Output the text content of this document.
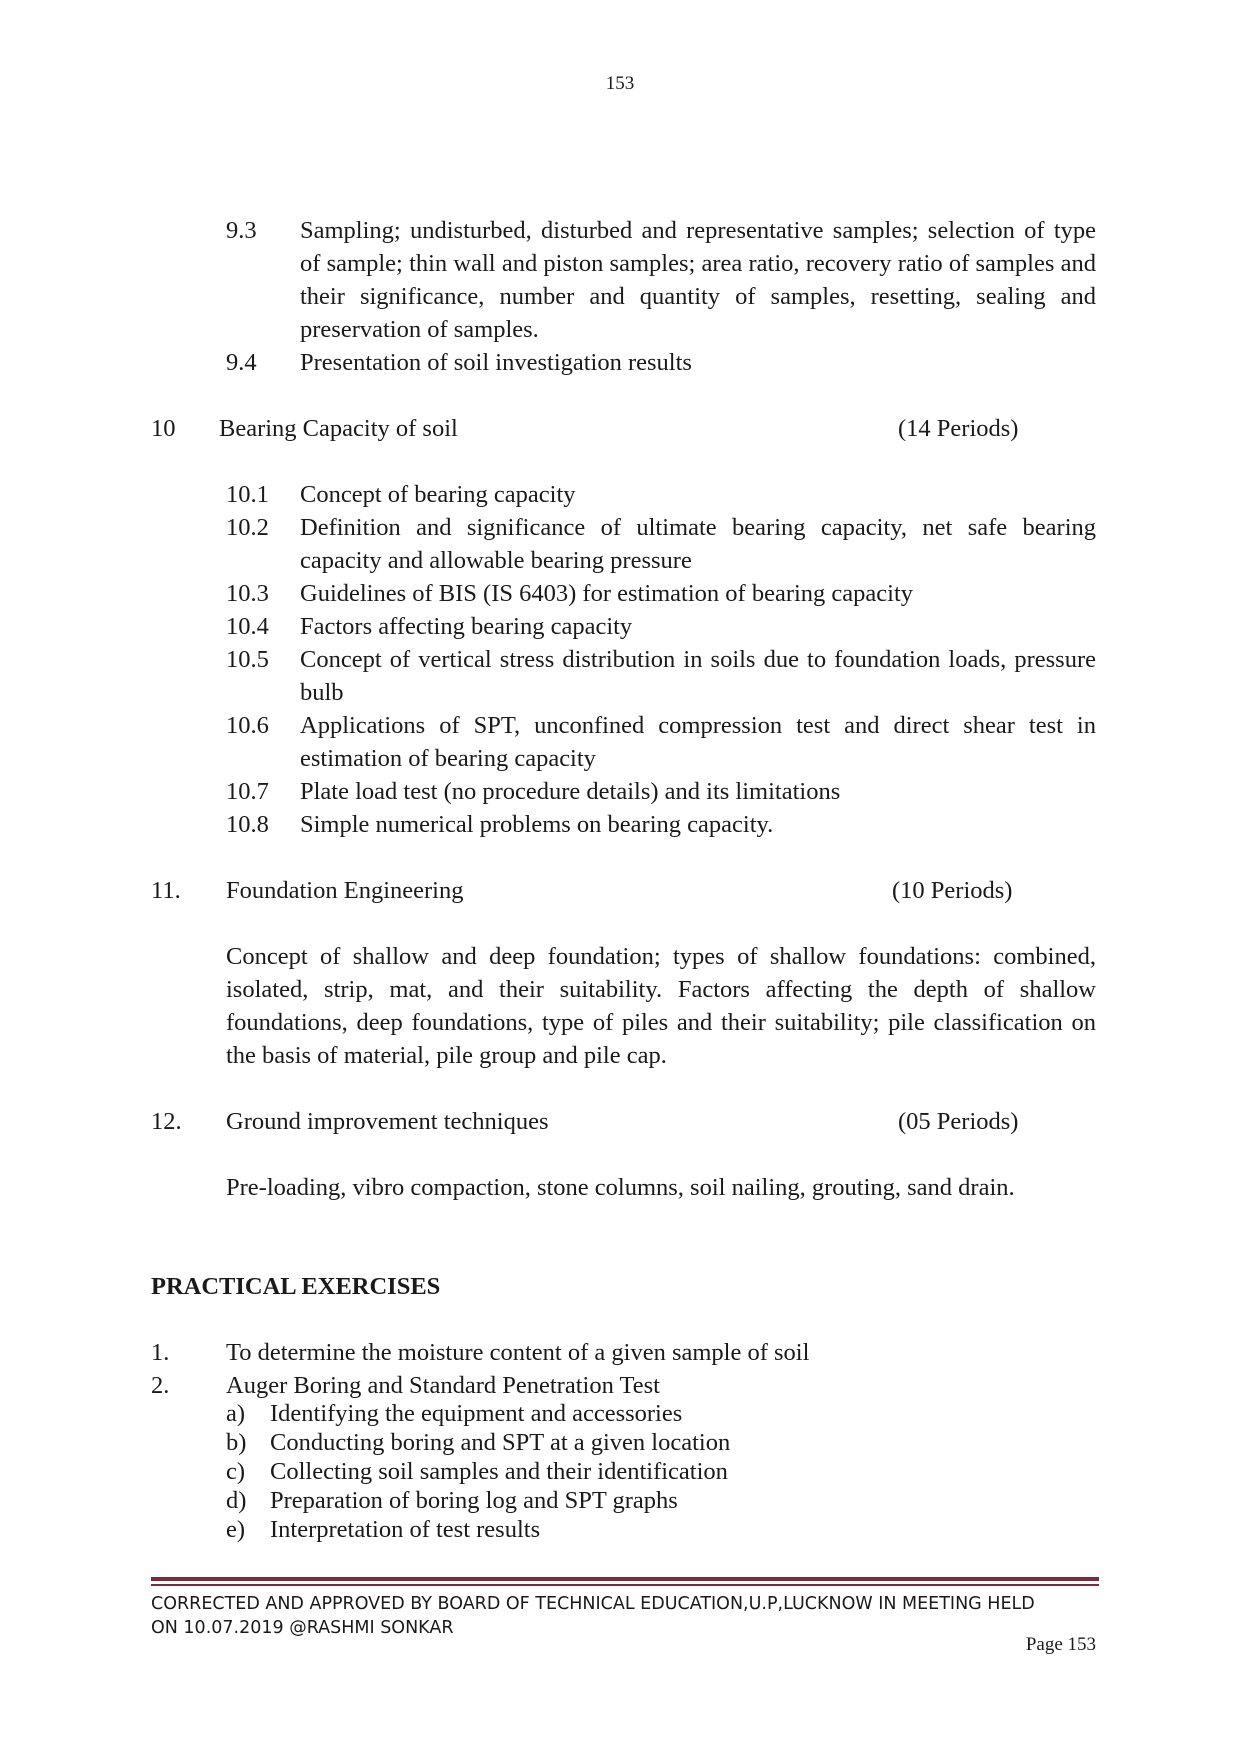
153
9.3 Sampling; undisturbed, disturbed and representative samples; selection of type of sample; thin wall and piston samples; area ratio, recovery ratio of samples and their significance, number and quantity of samples, resetting, sealing and preservation of samples.
9.4 Presentation of soil investigation results
10 Bearing Capacity of soil	(14 Periods)
10.1 Concept of bearing capacity
10.2 Definition and significance of ultimate bearing capacity, net safe bearing capacity and allowable bearing pressure
10.3 Guidelines of BIS (IS 6403) for estimation of bearing capacity
10.4 Factors affecting bearing capacity
10.5 Concept of vertical stress distribution in soils due to foundation loads, pressure bulb
10.6 Applications of SPT, unconfined compression test and direct shear test in estimation of bearing capacity
10.7 Plate load test (no procedure details) and its limitations
10.8 Simple numerical problems on bearing capacity.
11. Foundation Engineering	(10 Periods)
Concept of shallow and deep foundation; types of shallow foundations: combined, isolated, strip, mat, and their suitability. Factors affecting the depth of shallow foundations, deep foundations, type of piles and their suitability; pile classification on the basis of material, pile group and pile cap.
12. Ground improvement techniques	(05 Periods)
Pre-loading, vibro compaction, stone columns, soil nailing, grouting, sand drain.
PRACTICAL EXERCISES
1. To determine the moisture content of a given sample of soil
2. Auger Boring and Standard Penetration Test
a) Identifying the equipment and accessories
b) Conducting boring and SPT at a given location
c) Collecting soil samples and their identification
d) Preparation of boring log and SPT graphs
e) Interpretation of test results
CORRECTED AND APPROVED BY BOARD OF TECHNICAL EDUCATION,U.P,LUCKNOW IN MEETING HELD
ON 10.07.2019 @RASHMI SONKAR
Page 153
